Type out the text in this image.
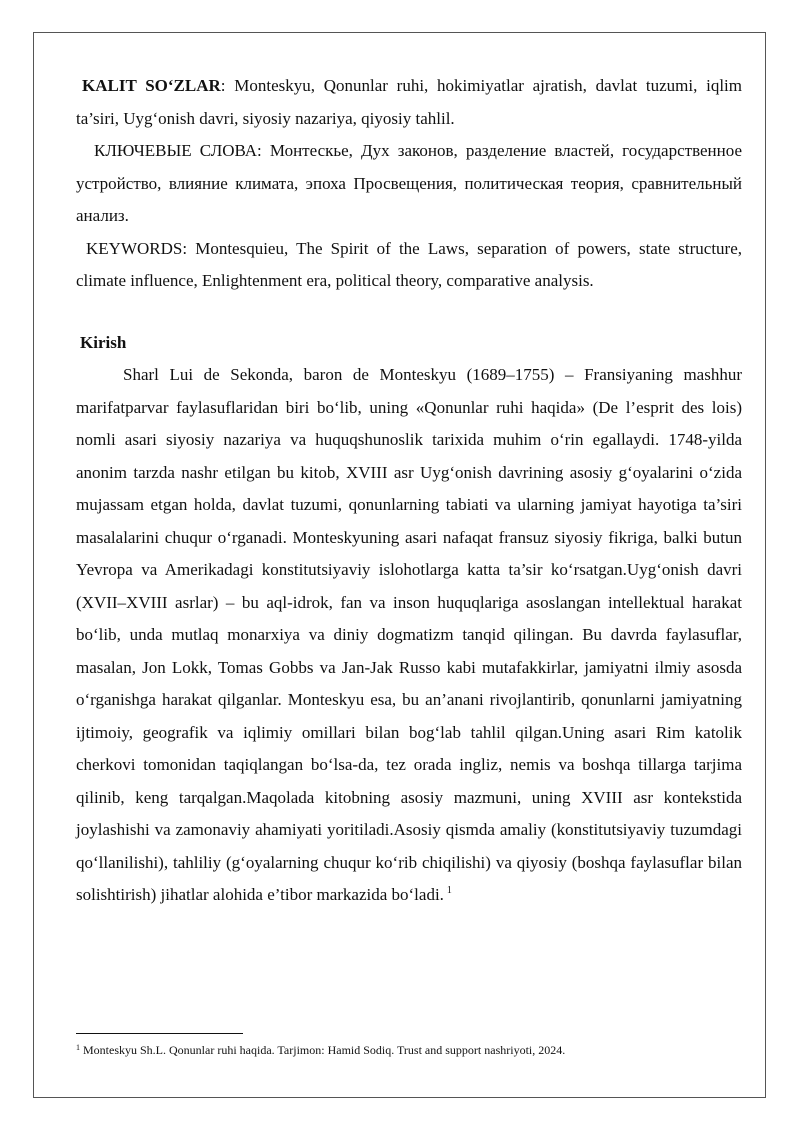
KALIT SO‘ZLAR: Monteskyu, Qonunlar ruhi, hokimiyatlar ajratish, davlat tuzumi, iqlim ta’siri, Uyg‘onish davri, siyosiy nazariya, qiyosiy tahlil.

КЛЮЧЕВЫЕ СЛОВА: Монтескье, Дух законов, разделение властей, государственное устройство, влияние климата, эпоха Просвещения, политическая теория, сравнительный анализ.

KEYWORDS: Montesquieu, The Spirit of the Laws, separation of powers, state structure, climate influence, Enlightenment era, political theory, comparative analysis.

Kirish

Sharl Lui de Sekonda, baron de Monteskyu (1689–1755) – Fransiyaning mashhur marifatparvar faylasuflaridan biri bo‘lib, uning «Qonunlar ruhi haqida» (De l’esprit des lois) nomli asari siyosiy nazariya va huquqshunoslik tarixida muhim o‘rin egallaydi. 1748-yilda anonim tarzda nashr etilgan bu kitob, XVIII asr Uyg‘onish davrining asosiy g‘oyalarini o‘zida mujassam etgan holda, davlat tuzumi, qonunlarning tabiati va ularning jamiyat hayotiga ta’siri masalalarini chuqur o‘rganadi. Monteskyuning asari nafaqat fransuz siyosiy fikriga, balki butun Yevropa va Amerikadagi konstitutsiyaviy islohotlarga katta ta’sir ko‘rsatgan.Uyg‘onish davri (XVII–XVIII asrlar) – bu aql-idrok, fan va inson huquqlariga asoslangan intellektual harakat bo‘lib, unda mutlaq monarxiya va diniy dogmatizm tanqid qilingan. Bu davrda faylasuflar, masalan, Jon Lokk, Tomas Gobbs va Jan-Jak Russo kabi mutafakkirlar, jamiyatni ilmiy asosda o‘rganishga harakat qilganlar. Monteskyu esa, bu an’anani rivojlantirib, qonunlarni jamiyatning ijtimoiy, geografik va iqlimiy omillari bilan bog‘lab tahlil qilgan.Uning asari Rim katolik cherkovi tomonidan taqiqlangan bo‘lsa-da, tez orada ingliz, nemis va boshqa tillarga tarjima qilinib, keng tarqalgan.Maqolada kitobning asosiy mazmuni, uning XVIII asr kontekstida joylashishi va zamonaviy ahamiyati yoritiladi.Asosiy qismda amaliy (konstitutsiyaviy tuzumdagi qo‘llanilishi), tahliliy (g‘oyalarning chuqur ko‘rib chiqilishi) va qiyosiy (boshqa faylasuflar bilan solishtirish) jihatlar alohida e’tibor markazida bo‘ladi. $^1$

$^1$ Monteskyu Sh.L. Qonunlar ruhi haqida. Tarjimon: Hamid Sodiq. Trust and support nashriyoti, 2024.
